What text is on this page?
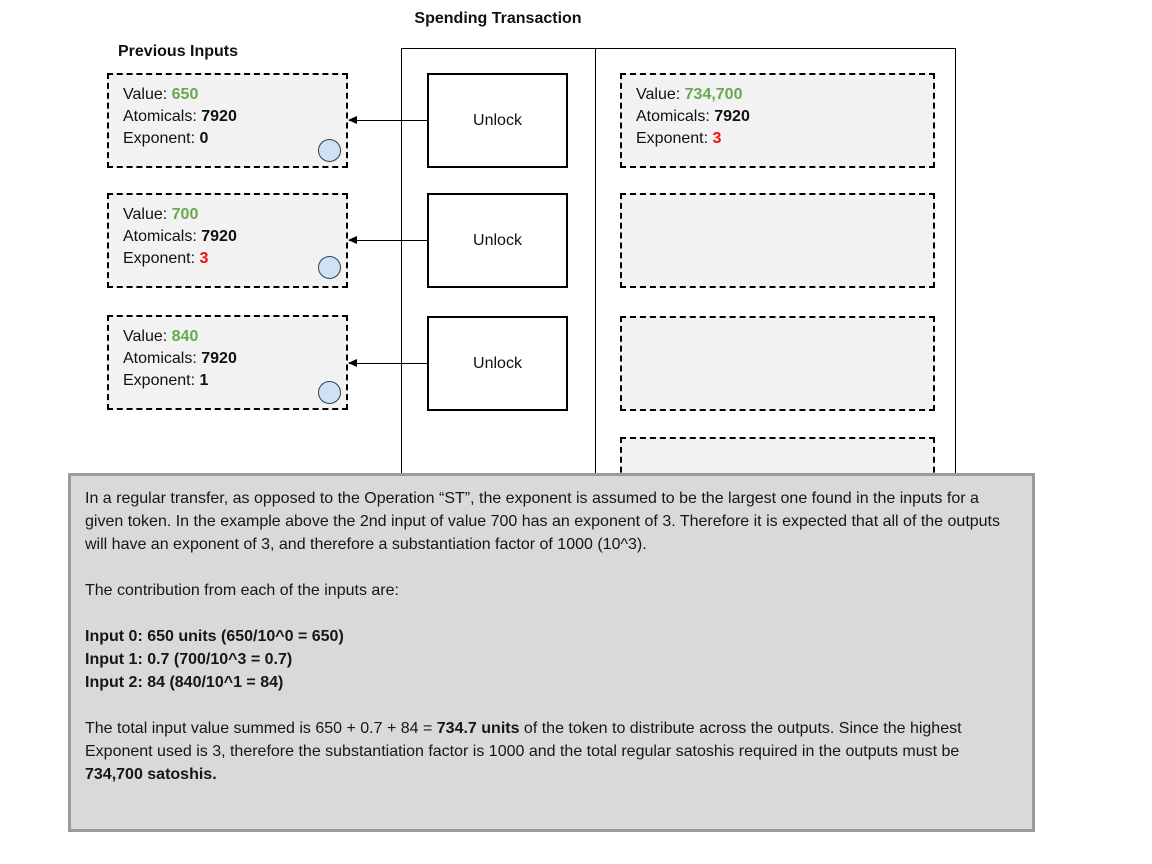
Spending Transaction
Previous Inputs
Value: 650
Atomicals: 7920
Exponent: 0
Value: 700
Atomicals: 7920
Exponent: 3
Value: 840
Atomicals: 7920
Exponent: 1
Unlock
Unlock
Unlock
Value: 734,700
Atomicals: 7920
Exponent: 3

In a regular transfer, as opposed to the Operation “ST”, the exponent is assumed to be the largest one found in the inputs for a given token. In the example above the 2nd input of value 700 has an exponent of 3. Therefore it is expected that all of the outputs will have an exponent of 3, and therefore a substantiation factor of 1000 (10^3).

The contribution from each of the inputs are:

Input 0: 650 units (650/10^0 = 650)
Input 1: 0.7 (700/10^3 = 0.7)
Input 2: 84 (840/10^1 = 84)

The total input value summed is 650 + 0.7 + 84 = 734.7 units of the token to distribute across the outputs. Since the highest Exponent used is 3, therefore the substantiation factor is 1000 and the total regular satoshis required in the outputs must be 734,700 satoshis.
